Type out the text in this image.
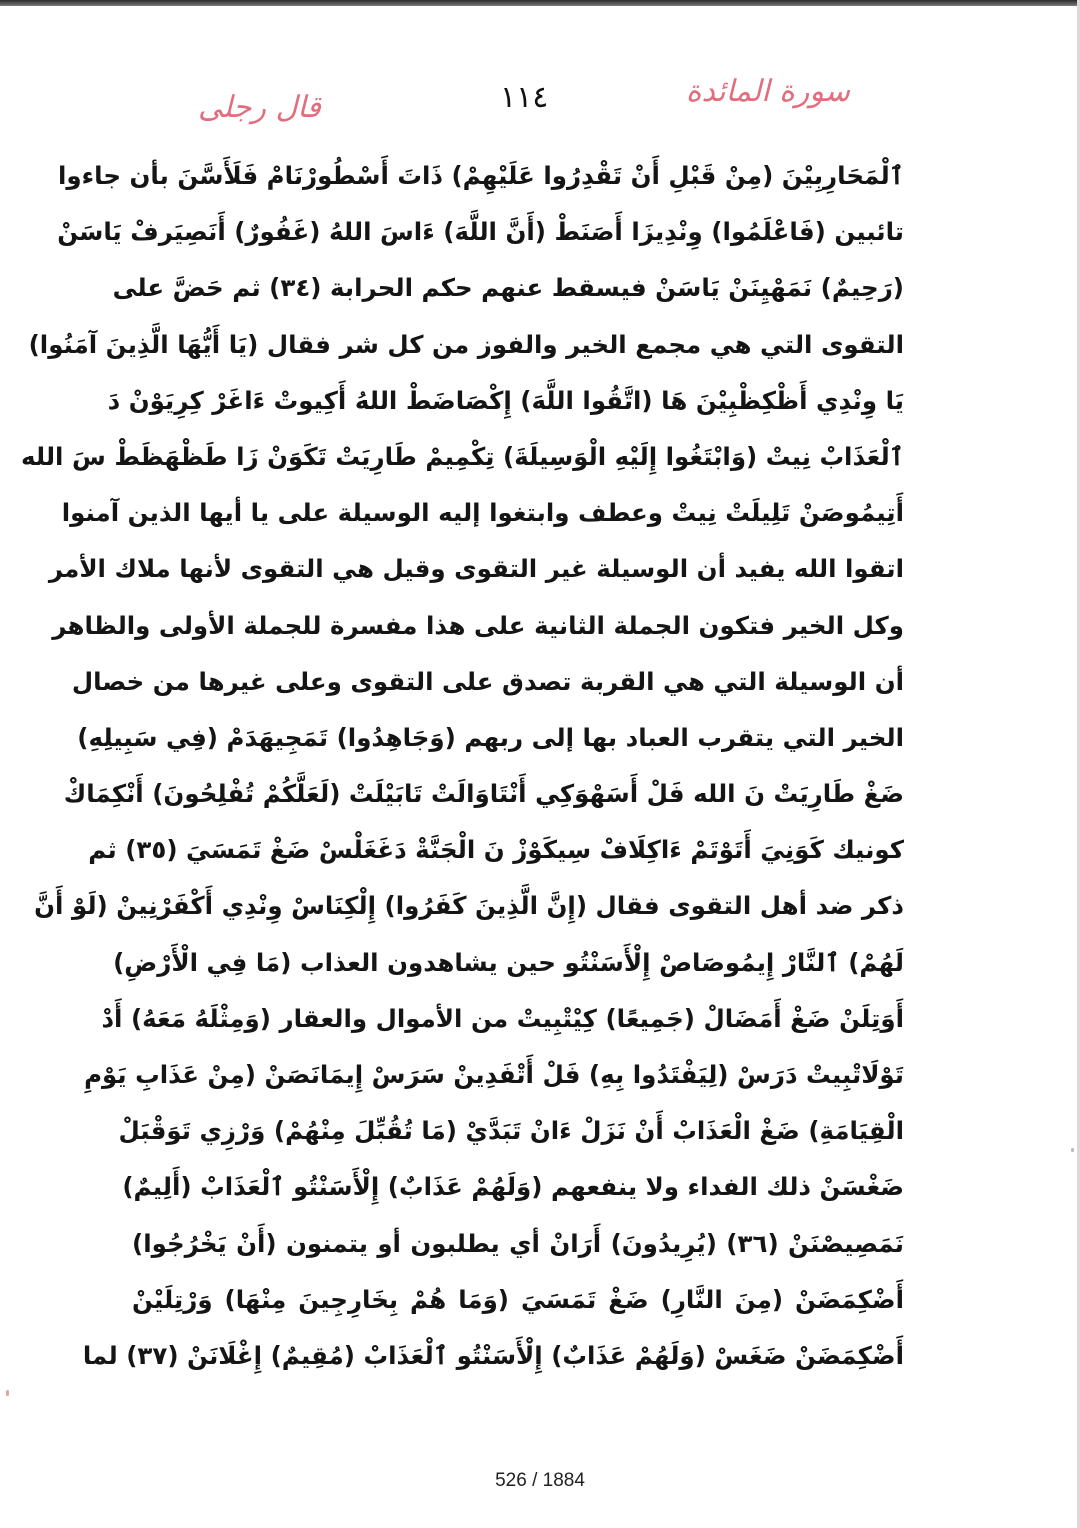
سورة المائدة
١١٤
قال رجلى
ٱلْمَحَارِبِيْنَ (مِنْ قَبْلِ أَنْ تَقْدِرُوا عَلَيْهِمْ) ذَاتَ أَسْطُورْنَامْ فَلَأَسَّنَ بأن جاءوا
تائبين (فَاعْلَمُوا) وِنْدِيزَا أَصَنَطْ (أَنَّ اللَّهَ) ءَاسَ اللهُ (غَفُورٌ) أَنَصِيَرفْ يَاسَنْ
(رَحِيمٌ) نَمَهْيِنَنْ يَاسَنْ فيسقط عنهم حكم الحرابة (٣٤) ثم حَضَّ على
التقوى التي هي مجمع الخير والفوز من كل شر فقال (يَا أَيُّهَا الَّذِينَ آمَنُوا)
يَا وِنْدِي أَظْكِظْبِيْنَ هَا (اتَّقُوا اللَّهَ) إِكْصَاضَطْ اللهُ أَكِيوتْ ءَاغَرْ كِرِيَوْنْ دَ
ٱلْعَذَابْ نِيتْ (وَابْتَغُوا إِلَيْهِ الْوَسِيلَةَ) تِكْمِيمْ طَارِيَتْ تَكَوَنْ زَا طَظْهَظَطْ سَ الله
أَتِيمُوصَنْ تَلِيلَتْ نِيتْ وعطف وابتغوا إليه الوسيلة على يا أيها الذين آمنوا
اتقوا الله يفيد أن الوسيلة غير التقوى وقيل هي التقوى لأنها ملاك الأمر
وكل الخير فتكون الجملة الثانية على هذا مفسرة للجملة الأولى والظاهر
أن الوسيلة التي هي القربة تصدق على التقوى وعلى غيرها من خصال
الخير التي يتقرب العباد بها إلى ربهم (وَجَاهِدُوا) تَمَجِيهَدَمْ (فِي سَبِيلِهِ)
ضَغْ طَارِيَتْ نَ الله فَلْ أَسَهْوَكِي أَنْتَاوَالَتْ تَابَيْلَتْ (لَعَلَّكُمْ تُفْلِحُونَ) أَنْكِمَاكْ
كونيك كَوَنِيَ أَتَوْتَمْ ءَاكِلَافْ سِيكَوْزْ نَ الْجَنَّةْ دَغَغَلْسْ ضَغْ تَمَسَيَ (٣٥) ثم
ذكر ضد أهل التقوى فقال (إِنَّ الَّذِينَ كَفَرُوا) إِلْكِنَاسْ وِنْدِي أَكْفَرْنِينْ (لَوْ أَنَّ
لَهُمْ) ٱلنَّارْ إِيمُوصَاصْ إِلْأَسَنْتُو حين يشاهدون العذاب (مَا فِي الْأَرْضِ)
أَوَتِلَنْ ضَغْ أَمَضَالْ (جَمِيعًا) كِيْتْبِيتْ من الأموال والعقار (وَمِثْلَهُ مَعَهُ) أَدْ
تَوْلَاتْبِيتْ دَرَسْ (لِيَفْتَدُوا بِهِ) فَلْ أَتْفَدِينْ سَرَسْ إِيمَانَصَنْ (مِنْ عَذَابِ يَوْمِ
الْقِيَامَةِ) ضَغْ الْعَذَابْ أَنْ نَزَلْ ءَانْ تَبَدَّيْ (مَا تُقُبِّلَ مِنْهُمْ) وَرْزِي تَوَقْبَلْ
ضَغْسَنْ ذلك الفداء ولا ينفعهم (وَلَهُمْ عَذَابٌ) إِلْأَسَنْتُو ٱلْعَذَابْ (أَلِيمٌ)
نَمَصِيصْنَنْ (٣٦) (يُرِيدُونَ) أَرَانْ أي يطلبون أو يتمنون (أَنْ يَخْرُجُوا)
أَضْكِمَضَنْ (مِنَ النَّارِ) ضَغْ تَمَسَيَ (وَمَا هُمْ بِخَارِجِينَ مِنْهَا) وَرْتِلَيْنْ
أَضْكِمَضَنْ ضَغَسْ (وَلَهُمْ عَذَابٌ) إِلْأَسَنْتُو ٱلْعَذَابْ (مُقِيمٌ) إِغْلَانَنْ (٣٧) لما
526 / 1884
